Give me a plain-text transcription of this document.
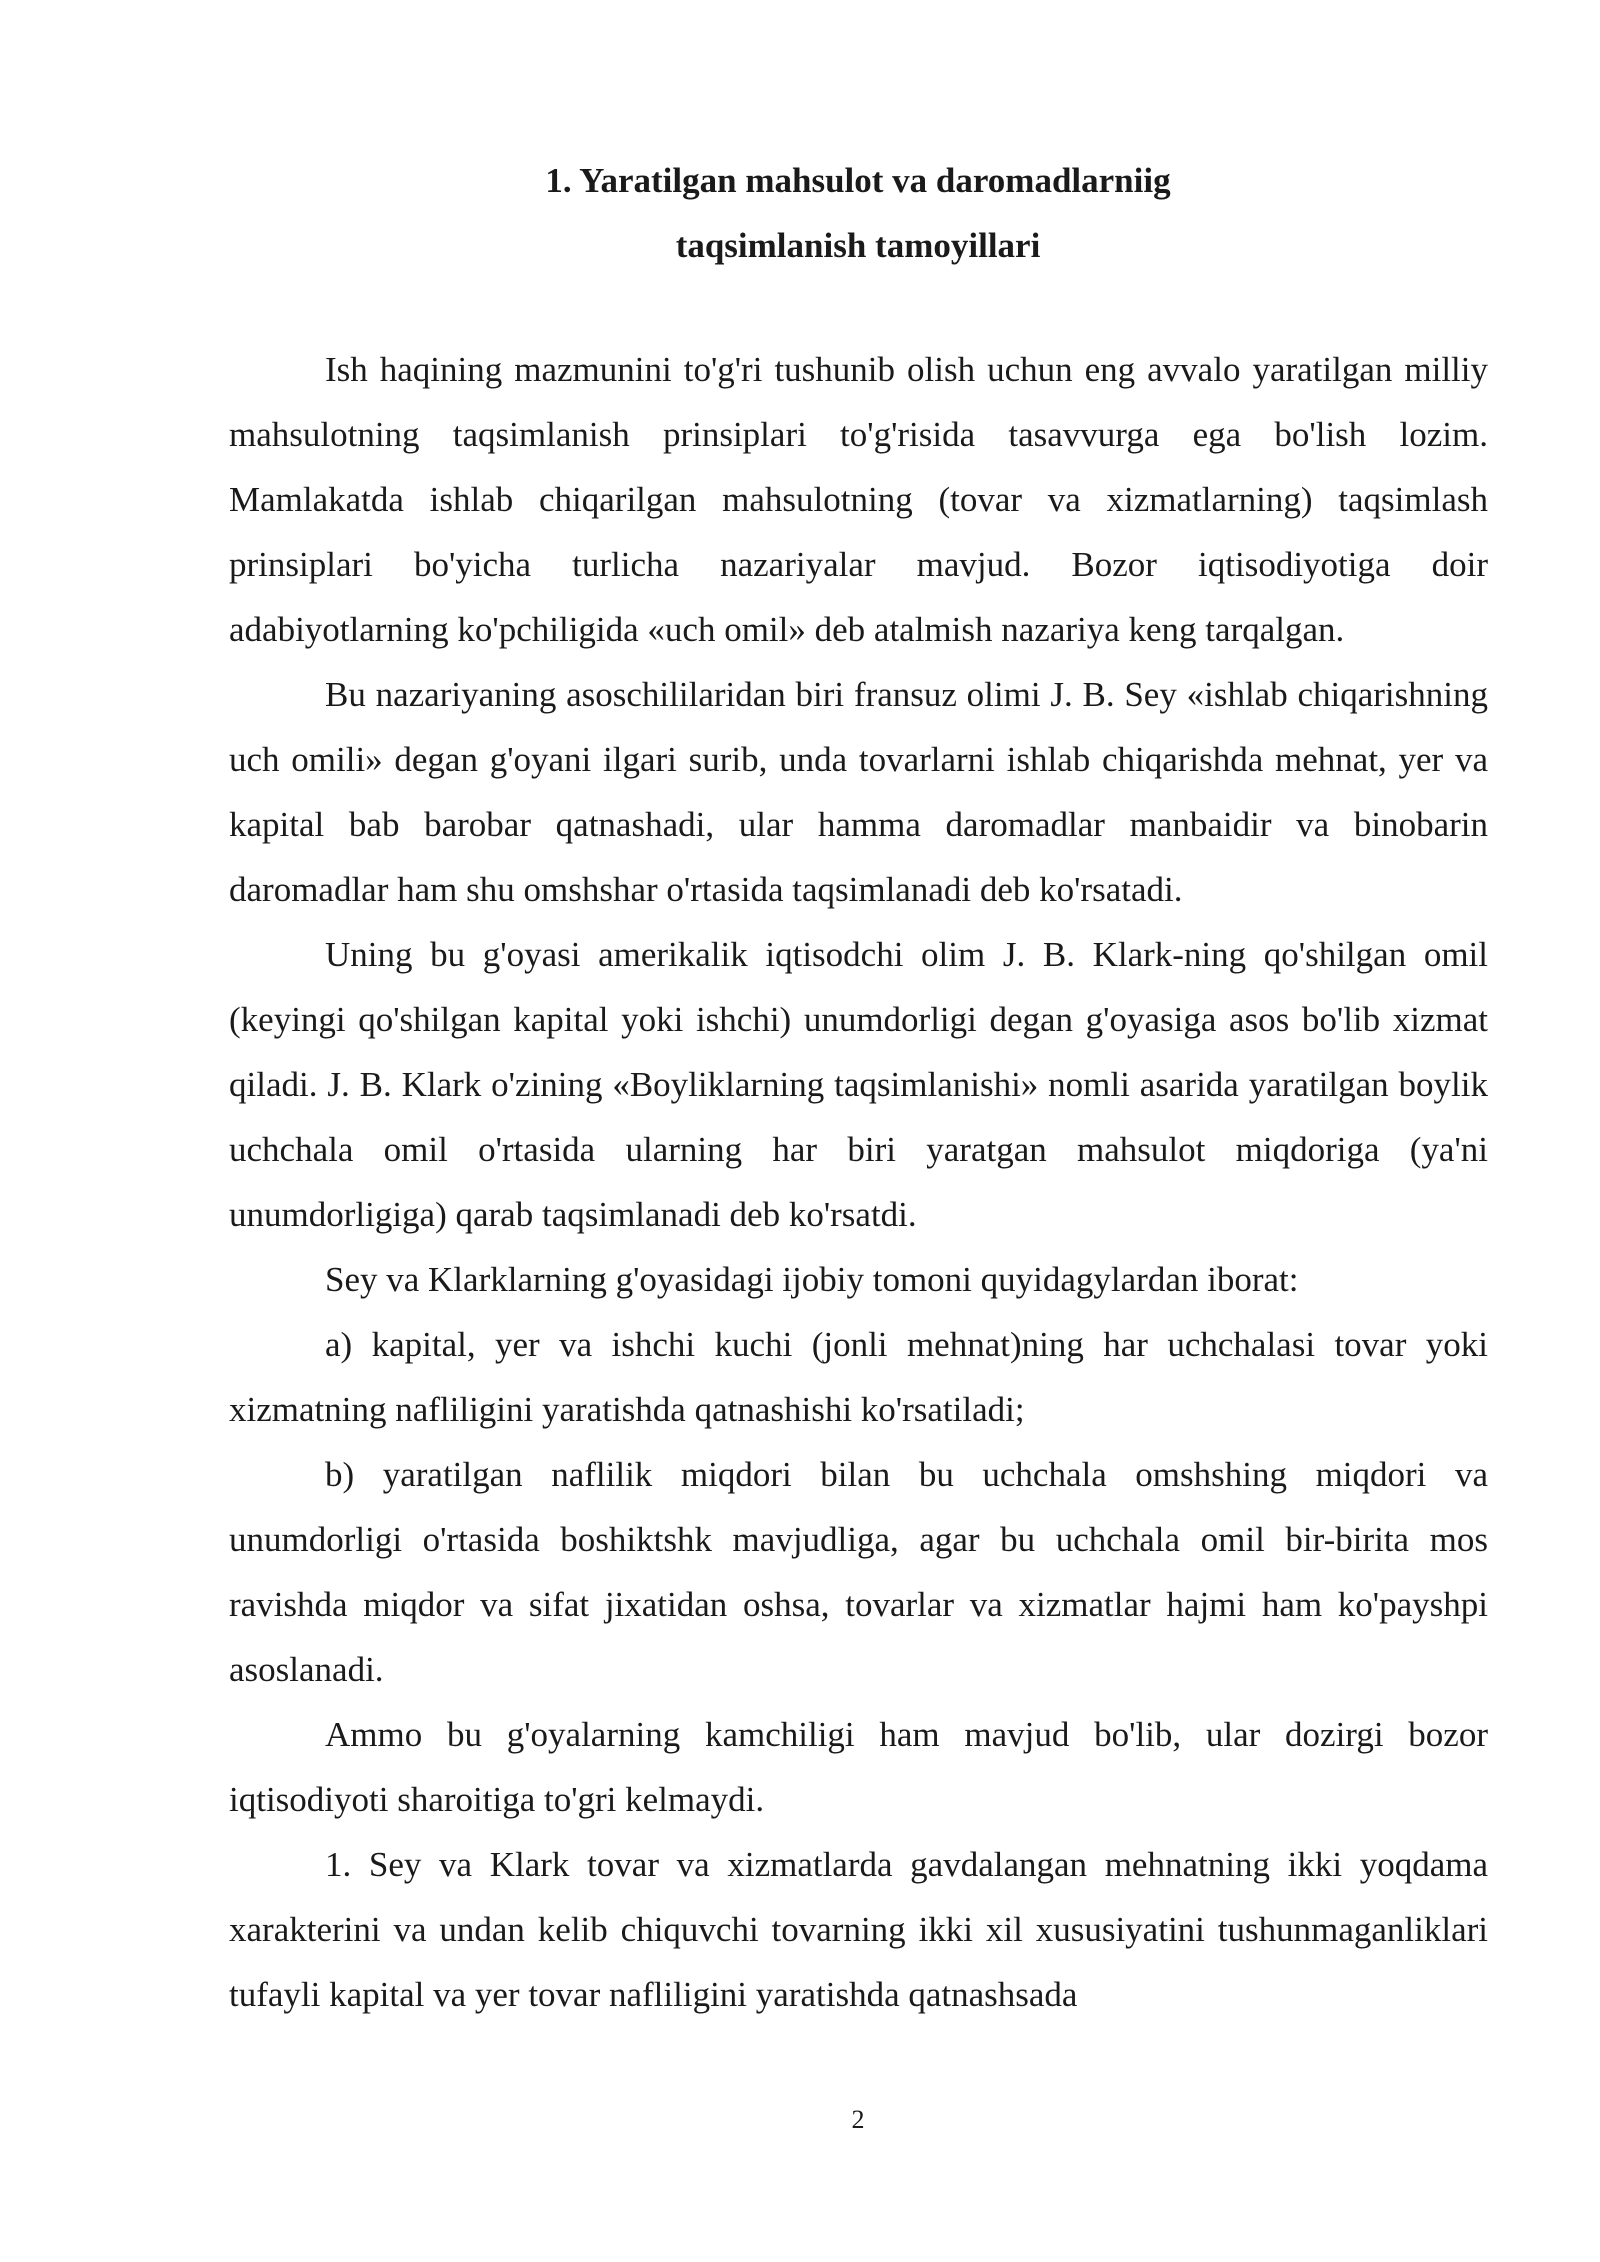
1. Yaratilgan mahsulot va daromadlarniig
taqsimlanish tamoyillari

Ish haqining mazmunini to'g'ri tushunib olish uchun eng avvalo yaratilgan milliy mahsulotning taqsimlanish prinsiplari to'g'risida tasavvurga ega bo'lish lozim. Mamlakatda ishlab chiqarilgan mahsulotning (tovar va xizmatlarning) taqsimlash prinsiplari bo'yicha turlicha nazariyalar mavjud. Bozor iqtisodiyotiga doir adabiyotlarning ko'pchiligida «uch omil» deb atalmish nazariya keng tarqalgan.

Bu nazariyaning asoschililaridan biri fransuz olimi J. B. Sey «ishlab chiqarishning uch omili» degan g'oyani ilgari surib, unda tovarlarni ishlab chiqarishda mehnat, yer va kapital bab barobar qatnashadi, ular hamma daromadlar manbaidir va binobarin daromadlar ham shu omshshar o'rtasida taqsimlanadi deb ko'rsatadi.

Uning bu g'oyasi amerikalik iqtisodchi olim J. B. Klark-ning qo'shilgan omil (keyingi qo'shilgan kapital yoki ishchi) unumdorligi degan g'oyasiga asos bo'lib xizmat qiladi. J. B. Klark o'zining «Boyliklarning taqsimlanishi» nomli asarida yaratilgan boylik uchchala omil o'rtasida ularning har biri yaratgan mahsulot miqdoriga (ya'ni unumdorligiga) qarab taqsimlanadi deb ko'rsatdi.

Sey va Klarklarning g'oyasidagi ijobiy tomoni quyidagylardan iborat:

a) kapital, yer va ishchi kuchi (jonli mehnat)ning har uchchalasi tovar yoki xizmatning nafliligini yaratishda qatnashishi ko'rsatiladi;

b) yaratilgan naflilik miqdori bilan bu uchchala omshshing miqdori va unumdorligi o'rtasida boshiktshk mavjudliga, agar bu uchchala omil bir-birita mos ravishda miqdor va sifat jixatidan oshsa, tovarlar va xizmatlar hajmi ham ko'payshpi asoslanadi.

Ammo bu g'oyalarning kamchiligi ham mavjud bo'lib, ular dozirgi bozor iqtisodiyoti sharoitiga to'gri kelmaydi.

1. Sey va Klark tovar va xizmatlarda gavdalangan mehnatning ikki yoqdama xarakterini va undan kelib chiquvchi tovarning ikki xil xususiyatini tushunmaganliklari tufayli kapital va yer tovar nafliligini yaratishda qatnashsada

2
